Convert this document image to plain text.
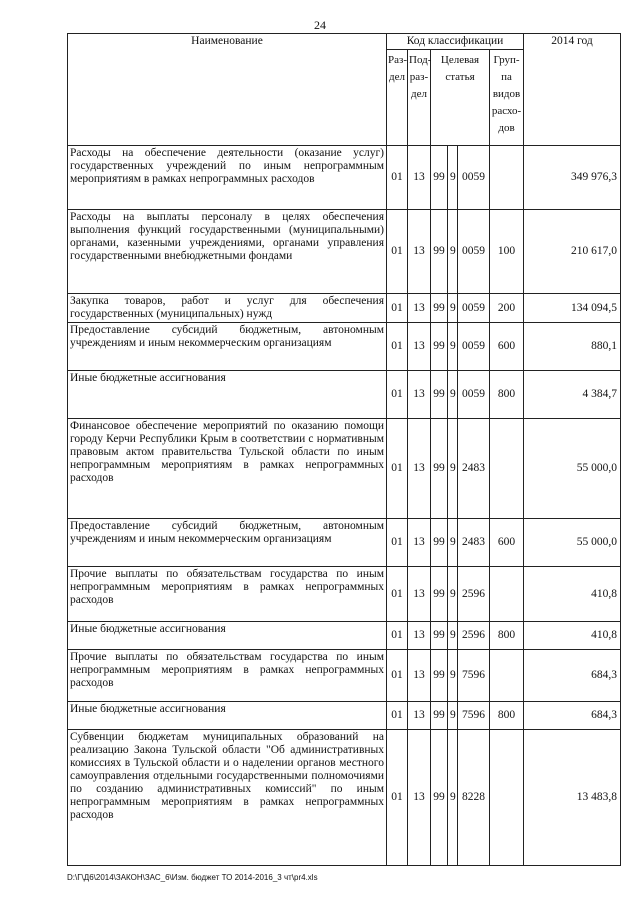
24
Наименование	Код классификации						2014 год
	Раз-дел	Под-раз-дел	Целевая статья			Груп-па видов расхо-дов	
Расходы на обеспечение деятельности (оказание услуг) государственных учреждений по иным непрограммным мероприятиям в рамках непрограммных расходов	01	13	99	9	0059		349 976,3
Расходы на выплаты персоналу в целях обеспечения выполнения функций государственными (муниципальными) органами, казенными учреждениями, органами управления государственными внебюджетными фондами	01	13	99	9	0059	100	210 617,0
Закупка товаров, работ и услуг для обеспечения государственных (муниципальных) нужд	01	13	99	9	0059	200	134 094,5
Предоставление субсидий бюджетным, автономным учреждениям и иным некоммерческим организациям	01	13	99	9	0059	600	880,1
Иные бюджетные ассигнования	01	13	99	9	0059	800	4 384,7
Финансовое обеспечение мероприятий по оказанию помощи городу Керчи Республики Крым в соответствии с нормативным правовым актом правительства Тульской области по иным непрограммным мероприятиям в рамках непрограммных расходов	01	13	99	9	2483		55 000,0
Предоставление субсидий бюджетным, автономным учреждениям и иным некоммерческим организациям	01	13	99	9	2483	600	55 000,0
Прочие выплаты по обязательствам государства по иным непрограммным мероприятиям в рамках непрограммных расходов	01	13	99	9	2596		410,8
Иные бюджетные ассигнования	01	13	99	9	2596	800	410,8
Прочие выплаты по обязательствам государства по иным непрограммным мероприятиям в рамках непрограммных расходов	01	13	99	9	7596		684,3
Иные бюджетные ассигнования	01	13	99	9	7596	800	684,3
Субвенции бюджетам муниципальных образований на реализацию Закона Тульской области "Об административных комиссиях в Тульской области и о наделении органов местного самоуправления отдельными государственными полномочиями по созданию административных комиссий" по иным непрограммным мероприятиям в рамках непрограммных расходов	01	13	99	9	8228		13 483,8
D:\Г\Д6\2014\ЗАКОН\ЗАС_6\Изм. бюджет ТО 2014-2016_3 чт\pr4.xls
